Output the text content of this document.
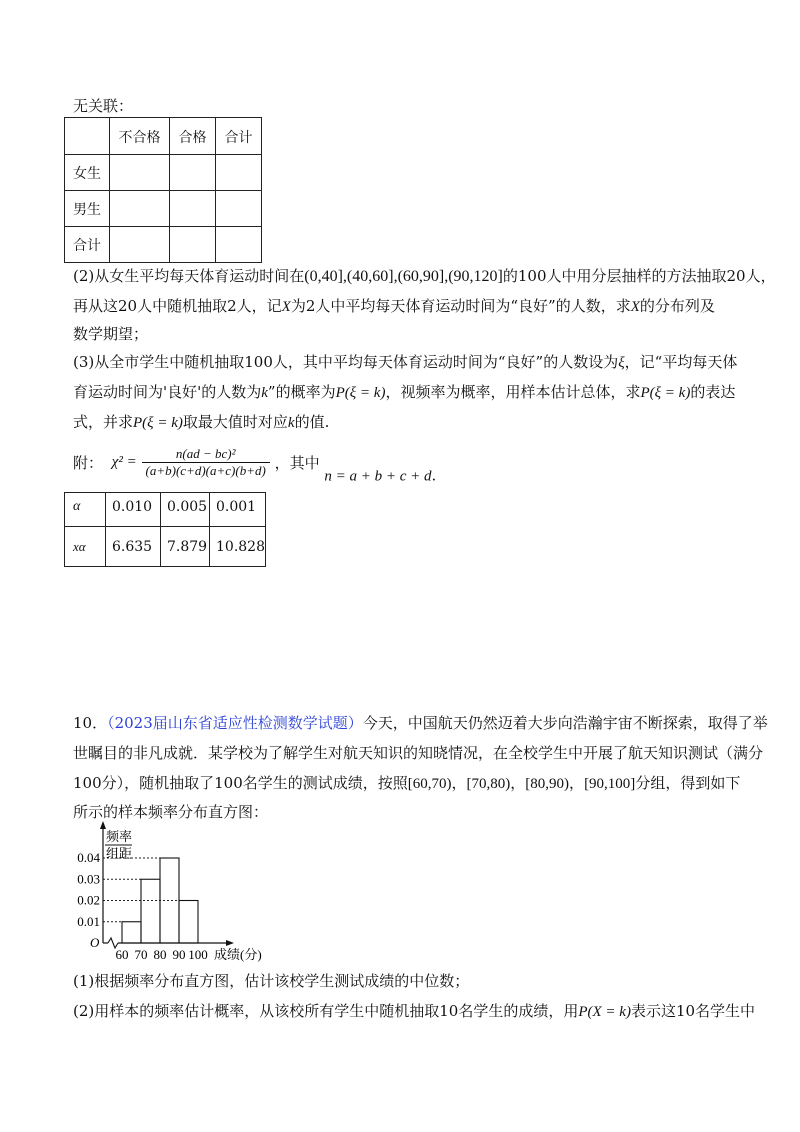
无关联：
	不合格	合格	合计
女生			
男生			
合计			
(2)从女生平均每天体育运动时间在(0,40],(40,60],(60,90],(90,120]的100人中用分层抽样的方法抽取20人，
再从这20人中随机抽取2人，记X为2人中平均每天体育运动时间为“良好”的人数，求X的分布列及
数学期望；
(3)从全市学生中随机抽取100人，其中平均每天体育运动时间为“良好”的人数设为ξ，记“平均每天体
育运动时间为'良好'的人数为k”的概率为P(ξ = k)，视频率为概率，用样本估计总体，求P(ξ = k)的表达
式，并求P(ξ = k)取最大值时对应k的值.
附： $\chi^2 = \frac{\text{n(ad − bc)²}}{(a+b)(c+d)(a+c)(b+d)}$ ，其中 n = a + b + c + d.
α	0.010	0.005	0.001
xα	6.635	7.879	10.828
10．（2023届山东省适应性检测数学试题）今天，中国航天仍然迈着大步向浩瀚宇宙不断探索，取得了举
世瞩目的非凡成就．某学校为了解学生对航天知识的知晓情况，在全校学生中开展了航天知识测试（满分
100分），随机抽取了100名学生的测试成绩，按照[60,70)，[70,80)，[80,90)，[90,100]分组，得到如下
所示的样本频率分布直方图：
频率
组距
O
成绩(分)
0.01
0.02
0.03
0.04
60 70 80 90 100
(1)根据频率分布直方图，估计该校学生测试成绩的中位数；
(2)用样本的频率估计概率，从该校所有学生中随机抽取10名学生的成绩，用P(X = k)表示这10名学生中
